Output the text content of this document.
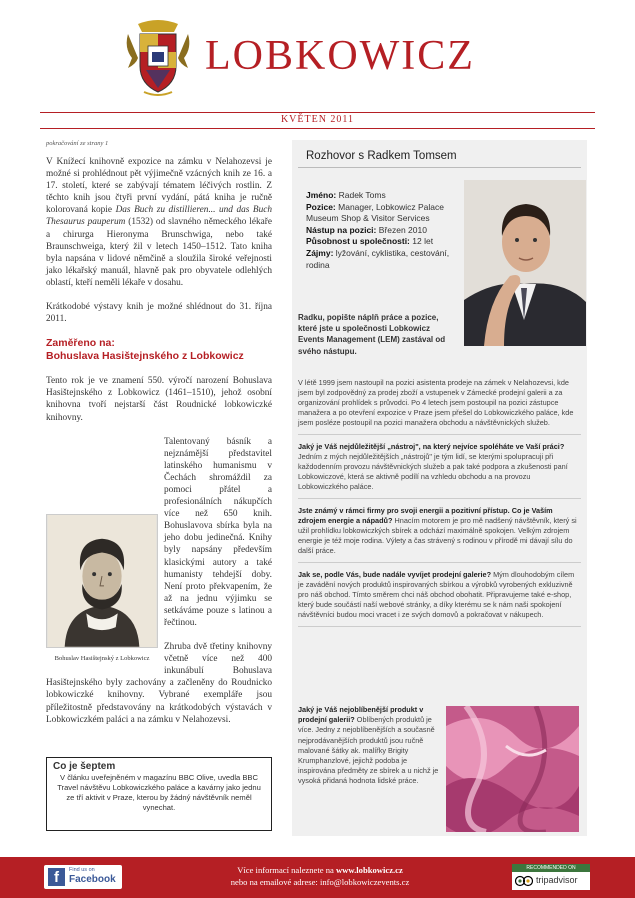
LOBKOWICZ
KVĚTEN 2011
pokračování ze strany 1

V Knížecí knihovně expozice na zámku v Nelahozevsi je možné si prohlédnout pět výjimečně vzácných knih ze 16. a 17. století, které se zabývají tématem léčivých rostlin. Z těchto knih jsou čtyři první vydání, pátá kniha je ručně kolorovaná kopie Das Buch zu distillieren... und das Buch Thesaurus pauperum (1532) od slavného německého lékaře a chirurga Hieronyma Brunschwiga, nebo také Braunschweiga, který žil v letech 1450–1512. Tato kniha byla napsána v lidové němčině a sloužila široké veřejnosti jako lékařský manuál, hlavně pak pro obyvatele odlehlých oblastí, kteří neměli lékaře v dosahu.

Krátkodobé výstavy knih je možné shlédnout do 31. října 2011.

Zaměřeno na:
Bohuslava Hasištejnského z Lobkowicz

Tento rok je ve znamení 550. výročí narození Bohuslava Hasištejnského z Lobkowicz (1461–1510), jehož osobní knihovna tvoří nejstarší část Roudnické lobkowiczké knihovny.

Bohuslav Hasištejnský z Lobkowicz
Talentovaný básník a nejznámější představitel latinského humanismu v Čechách shromáždil za pomoci přátel a profesionálních nákupčích více než 650 knih. Bohuslavova sbírka byla na jeho dobu jedinečná. Knihy byly napsány především klasickými autory a také humanisty tehdejší doby. Není proto překvapením, že až na jednu výjimku se setkáváme pouze s latinou a řečtinou.

Zhruba dvě třetiny knihovny včetně více než 400 inkunábulí Bohuslava Hasištejnského byly zachovány a začleněny do Roudnicko lobkowiczké knihovny. Vybrané exempláře jsou příležitostně představovány na krátkodobých výstavách v Lobkowiczkém paláci a na zámku v Nelahozevsi.

Co je šeptem

V článku uveřejněném v magazínu BBC Olive, uvedla BBC Travel návštěvu Lobkowiczkého paláce a kavárny jako jednu ze tří aktivit v Praze, kterou by žádný návštěvník neměl vynechat.

Rozhovor s Radkem Tomsem
Jméno: Radek Toms
Pozice: Manager, Lobkowicz Palace Museum Shop & Visitor Services
Nástup na pozici: Březen 2010
Působnost u společnosti: 12 let
Zájmy: lyžování, cyklistika, cestování, rodina
Radku, popište náplň práce a pozice, které jste u společnosti Lobkowicz Events Management (LEM) zastával od svého nástupu.
V létě 1999 jsem nastoupil na pozici asistenta prodeje na zámek v Nelahozevsi, kde jsem byl zodpovědný za prodej zboží a vstupenek v Zámecké prodejní galerii a za organizování prohlídek s průvodci. Po 4 letech jsem postoupil na pozici zástupce manažera a po otevření expozice v Praze jsem přešel do Lobkowiczkého paláce, kde jsem posléze postoupil na pozici manažera obchodu a návštěvnických služeb.
Jaký je Váš nejdůležitější „nástroj", na který nejvíce spoléháte ve Vaší práci? Jedním z mých nejdůležitějších „nástrojů" je tým lidí, se kterými spolupracuji při každodenním provozu návštěvnických služeb a pak také podpora a zkušenosti paní Lobkowiczové, která se aktivně podílí na vzhledu obchodu a na provozu Lobkowiczkého paláce.
Jste známý v rámci firmy pro svoji energii a pozitivní přístup. Co je Vaším zdrojem energie a nápadů? Hnacím motorem je pro mě nadšený návštěvník, který si užil prohlídku lobkowiczkých sbírek a odchází maximálně spokojen. Velkým zdrojem energie je též moje rodina. Výlety a čas strávený s rodinou v přírodě mi dávají sílu do další práce.
Jak se, podle Vás, bude nadále vyvíjet prodejní galerie? Mým dlouhodobým cílem je zavádění nových produktů inspirovaných sbírkou a výrobků vyrobených exkluzivně pro náš obchod. Tímto směrem chci náš obchod obohatit. Připravujeme také e-shop, který bude součástí naší webové stránky, a díky kterému se k nám naši spokojení návštěvníci budou moci vracet i ze svých domovů a pokračovat v nákupech.
Jaký je Váš nejoblíbenější produkt v prodejní galerii? Oblíbených produktů je více. Jedny z nejoblíbenějších a současně nejprodávanějších produktů jsou ručně malované šátky ak. malířky Brigity Krumphanzlové, jejichž podoba je inspirována předměty ze sbírek a u nichž je vysoká přidaná hodnota lidské práce.
f	Find us on
Facebook
Více informací naleznete na www.lobkowicz.cz
nebo na emailové adrese: info@lobkowiczevents.cz
RECOMMENDED ON
tripadvisor
